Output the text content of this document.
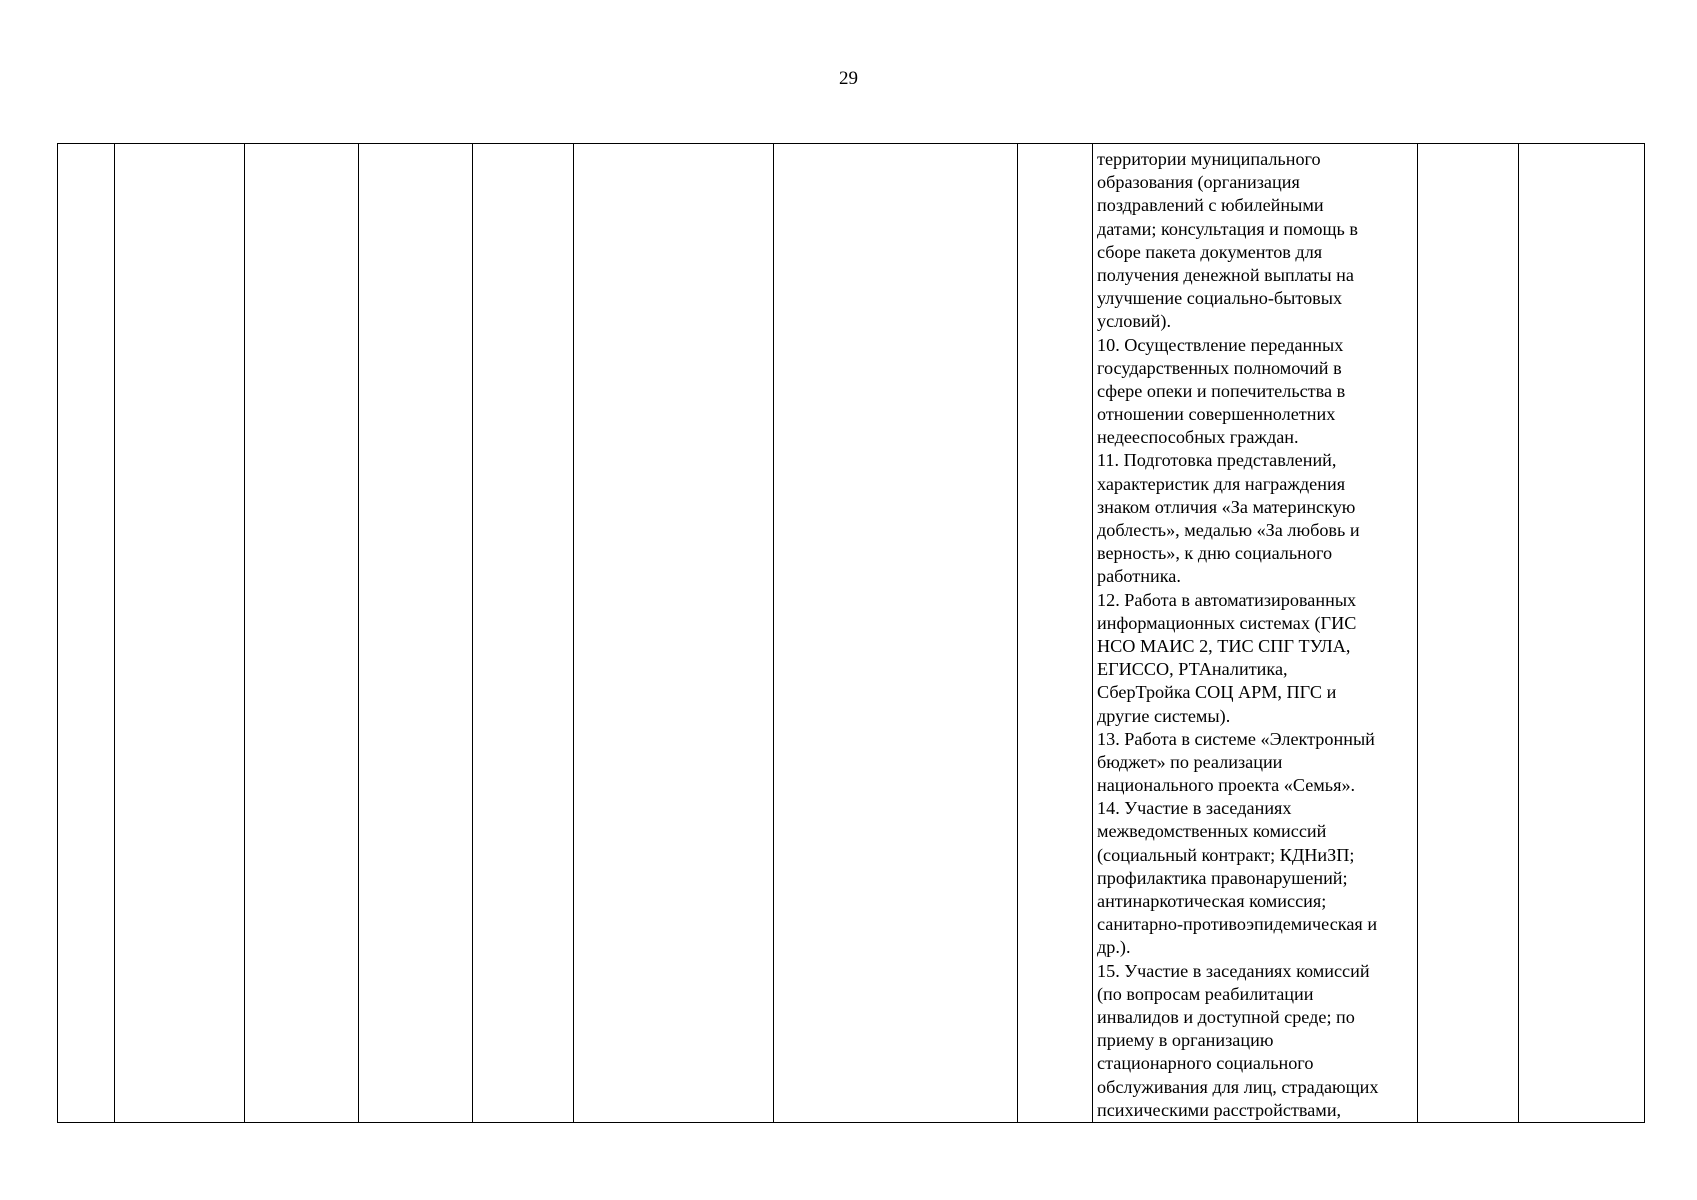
29

территории муниципального
образования (организация
поздравлений с юбилейными
датами; консультация и помощь в
сборе пакета документов для
получения денежной выплаты на
улучшение социально-бытовых
условий).
10. Осуществление переданных
государственных полномочий в
сфере опеки и попечительства в
отношении совершеннолетних
недееспособных граждан.
11. Подготовка представлений,
характеристик для награждения
знаком отличия «За материнскую
доблесть», медалью «За любовь и
верность», к дню социального
работника.
12. Работа в автоматизированных
информационных системах (ГИС
НСО МАИС 2, ТИС СПГ ТУЛА,
ЕГИССО, РТАналитика,
СберТройка СОЦ АРМ, ПГС и
другие системы).
13. Работа в системе «Электронный
бюджет» по реализации
национального проекта «Семья».
14. Участие в заседаниях
межведомственных комиссий
(социальный контракт; КДНиЗП;
профилактика правонарушений;
антинаркотическая комиссия;
санитарно-противоэпидемическая и
др.).
15. Участие в заседаниях комиссий
(по вопросам реабилитации
инвалидов и доступной среде; по
приему в организацию
стационарного социального
обслуживания для лиц, страдающих
психическими расстройствами,
